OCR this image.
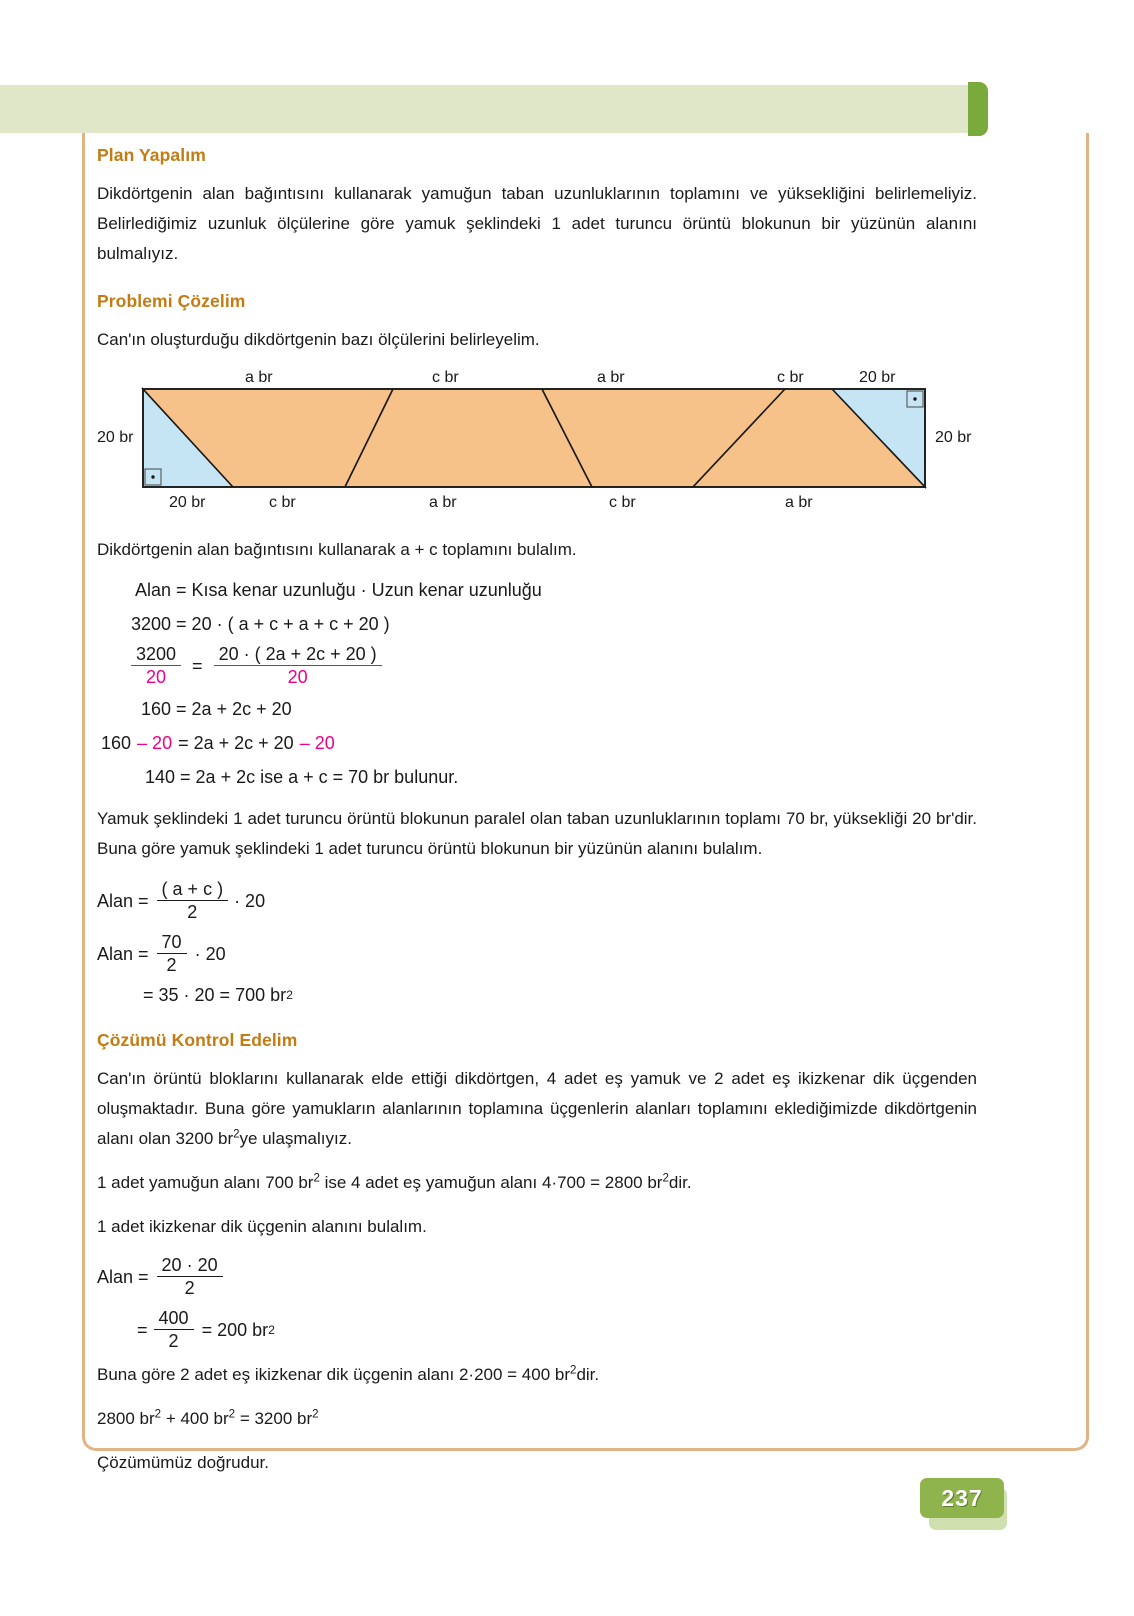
Plan Yapalım

Dikdörtgenin alan bağıntısını kullanarak yamuğun taban uzunluklarının toplamını ve yüksekliğini belirlemeliyiz. Belirlediğimiz uzunluk ölçülerine göre yamuk şeklindeki 1 adet turuncu örüntü blokunun bir yüzünün alanını bulmalıyız.

Problemi Çözelim

Can'ın oluşturduğu dikdörtgenin bazı ölçülerini belirleyelim.

a br	c br	a br	c br	20 br
20 br	20 br
20 br	c br	a br	c br	a br

Dikdörtgenin alan bağıntısını kullanarak a + c toplamını bulalım.

Alan = Kısa kenar uzunluğu · Uzun kenar uzunluğu
3200 = 20 · ( a + c + a + c + 20 )
$\frac{3200}{20} = \frac{20 \cdot ( 2a + 2c + 20 )}{20}$
160 = 2a + 2c + 20
160 – 20 = 2a + 2c + 20 – 20
140 = 2a + 2c ise a + c = 70 br bulunur.

Yamuk şeklindeki 1 adet turuncu örüntü blokunun paralel olan taban uzunluklarının toplamı 70 br, yüksekliği 20 br'dir. Buna göre yamuk şeklindeki 1 adet turuncu örüntü blokunun bir yüzünün alanını bulalım.

Alan = $\frac{( a + c )}{2} \cdot 20$
Alan = $\frac{70}{2} \cdot 20$
= 35 · 20 = 700 br 2
Çözümü Kontrol Edelim

Can'ın örüntü bloklarını kullanarak elde ettiği dikdörtgen, 4 adet eş yamuk ve 2 adet eş ikizkenar dik üçgenden oluşmaktadır. Buna göre yamukların alanlarının toplamına üçgenlerin alanları toplamını eklediğimizde dikdörtgenin alanı olan 3200 $br^2ye$ ulaşmalıyız.

1 adet yamuğun alanı 700 $br^2$ ise 4 adet eş yamuğun alanı 4·700 = 2800 $br^2dir$.

1 adet ikizkenar dik üçgenin alanını bulalım.

Alan = $\frac{20 \cdot 20}{2}$
= $\frac{400}{2} = 200$ br 2

Buna göre 2 adet eş ikizkenar dik üçgenin alanı 2·200 = 400 $br^2dir$.

2800 $br^2 + 400$ $br^2 = 3200$ $br^2$

Çözümümüz doğrudur.

237
